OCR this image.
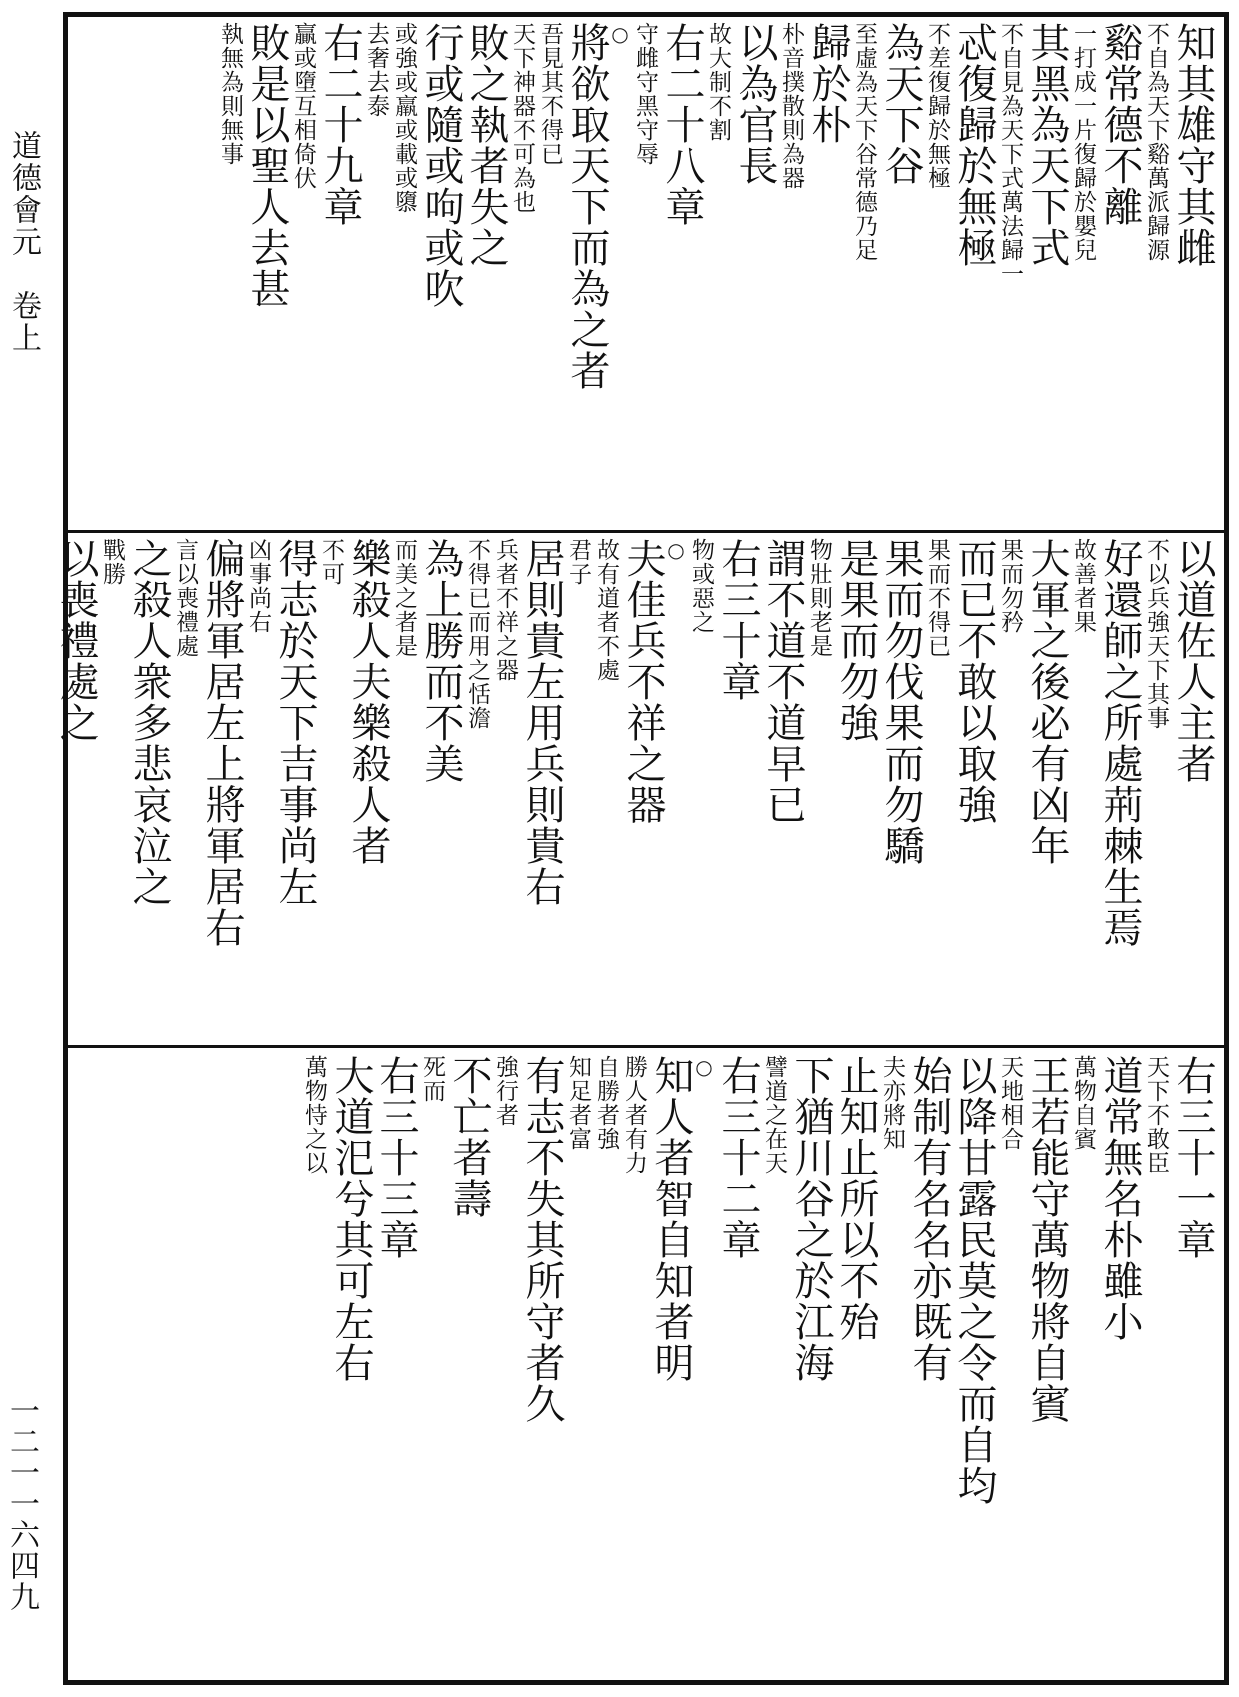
道德會元　卷上
一二一一六四九
知其雄守其雌
不自為天下谿萬派歸源
谿常德不離
一打成一片復歸於嬰兒
其黑為天下式
不自見為天下式萬法歸一
忒復歸於無極
不差復歸於無極
為天下谷
至虛為天下谷常德乃足
歸於朴
朴音撲散則為器
以為官長
故大制不割
右二十八章
守雌守黑守辱
○
將欲取天下而為之者
吾見其不得已
天下神器不可為也
敗之執者失之
行或隨或呴或吹
或強或羸或載或隳
去奢去泰
右二十九章
贏或墮互相倚伏
敗是以聖人去甚
執無為則無事
以道佐人主者
不以兵強天下其事
好還師之所處荊棘生焉
故善者果
大軍之後必有凶年
果而勿矜
而已不敢以取強
果而不得已
果而勿伐果而勿驕
是果而勿強
物壯則老是
謂不道不道早已
右三十章
物或惡之
○
夫佳兵不祥之器
故有道者不處
君子
居則貴左用兵則貴右
兵者不祥之器
不得已而用之恬澹
為上勝而不美
而美之者是
樂殺人夫樂殺人者
不可
得志於天下吉事尚左
凶事尚右
偏將軍居左上將軍居右
言以喪禮處
之殺人衆多悲哀泣之
戰勝
以喪禮處之
右三十一章
天下不敢臣
道常無名朴雖小
萬物自賓
王若能守萬物將自賓
天地相合
以降甘露民莫之令而自均
始制有名名亦既有
夫亦將知
止知止所以不殆
下猶川谷之於江海
譬道之在天
右三十二章
○
知人者智自知者明
勝人者有力
自勝者強
知足者富
有志不失其所守者久
強行者
不亡者壽
死而
右三十三章
大道汜兮其可左右
萬物恃之以
